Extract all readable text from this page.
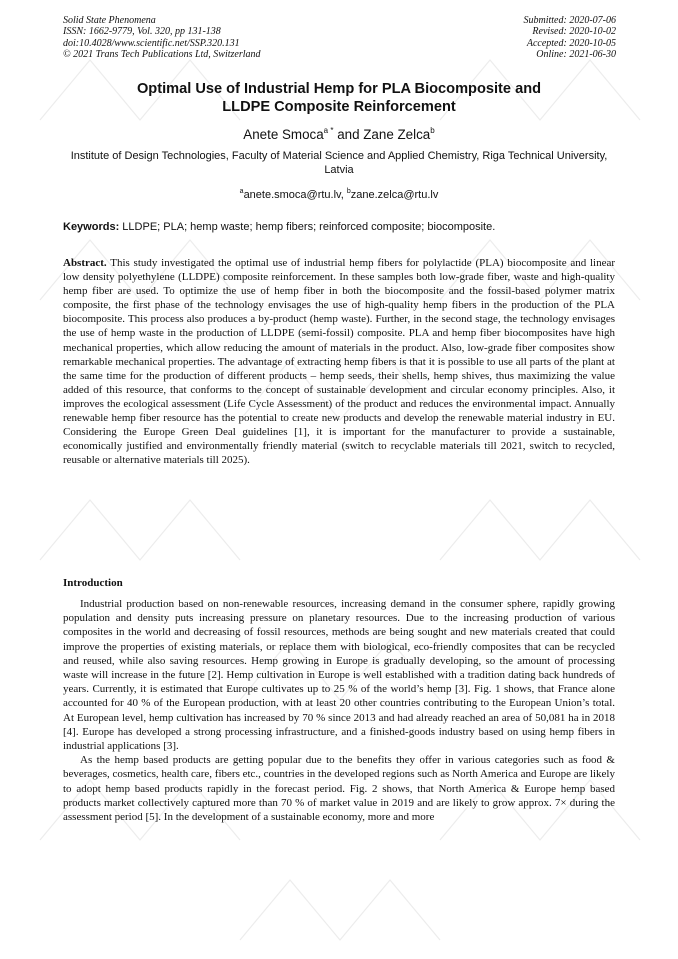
Solid State Phenomena
ISSN: 1662-9779, Vol. 320, pp 131-138
doi:10.4028/www.scientific.net/SSP.320.131
© 2021 Trans Tech Publications Ltd, Switzerland
Submitted: 2020-07-06
Revised: 2020-10-02
Accepted: 2020-10-05
Online: 2021-06-30
Optimal Use of Industrial Hemp for PLA Biocomposite and
LLDPE Composite Reinforcement
Anete Smoca$^{a *}$ and Zane Zelca$^b$
Institute of Design Technologies, Faculty of Material Science and Applied Chemistry, Riga Technical University, Latvia
$^a$anete.smoca@rtu.lv, $^b$zane.zelca@rtu.lv
Keywords: LLDPE; PLA; hemp waste; hemp fibers; reinforced composite; biocomposite.
Abstract. This study investigated the optimal use of industrial hemp fibers for polylactide (PLA) biocomposite and linear low density polyethylene (LLDPE) composite reinforcement. In these samples both low-grade fiber, waste and high-quality hemp fiber are used. To optimize the use of hemp fiber in both the biocomposite and the fossil-based polymer matrix composite, the first phase of the technology envisages the use of high-quality hemp fibers in the production of the PLA biocomposite. This process also produces a by-product (hemp waste). Further, in the second stage, the technology envisages the use of hemp waste in the production of LLDPE (semi-fossil) composite. PLA and hemp fiber biocomposites have high mechanical properties, which allow reducing the amount of materials in the product. Also, low-grade fiber composites show remarkable mechanical properties. The advantage of extracting hemp fibers is that it is possible to use all parts of the plant at the same time for the production of different products – hemp seeds, their shells, hemp shives, thus maximizing the value added of this resource, that conforms to the concept of sustainable development and circular economy principles. Also, it improves the ecological assessment (Life Cycle Assessment) of the product and reduces the environmental impact. Annually renewable hemp fiber resource has the potential to create new products and develop the renewable material industry in EU. Considering the Europe Green Deal guidelines [1], it is important for the manufacturer to provide a sustainable, economically justified and environmentally friendly material (switch to recyclable materials till 2021, switch to recycled, reusable or alternative materials till 2025).
Introduction

Industrial production based on non-renewable resources, increasing demand in the consumer sphere, rapidly growing population and density puts increasing pressure on planetary resources. Due to the increasing production of various composites in the world and decreasing of fossil resources, methods are being sought and new materials created that could improve the properties of existing materials, or replace them with biological, eco-friendly composites that can be recycled and reused, while also saving resources. Hemp growing in Europe is gradually developing, so the amount of processing waste will increase in the future [2]. Hemp cultivation in Europe is well established with a tradition dating back hundreds of years. Currently, it is estimated that Europe cultivates up to 25 % of the world’s hemp [3]. Fig. 1 shows, that France alone accounted for 40 % of the European production, with at least 20 other countries contributing to the European Union’s total. At European level, hemp cultivation has increased by 70 % since 2013 and had already reached an area of 50,081 ha in 2018 [4]. Europe has developed a strong processing infrastructure, and a finished-goods industry based on using hemp fibers in industrial applications [3].

As the hemp based products are getting popular due to the benefits they offer in various categories such as food & beverages, cosmetics, health care, fibers etc., countries in the developed regions such as North America and Europe are likely to adopt hemp based products rapidly in the forecast period. Fig. 2 shows, that North America & Europe hemp based products market collectively captured more than 70 % of market value in 2019 and are likely to grow approx. 7× during the assessment period [5]. In the development of a sustainable economy, more and more
